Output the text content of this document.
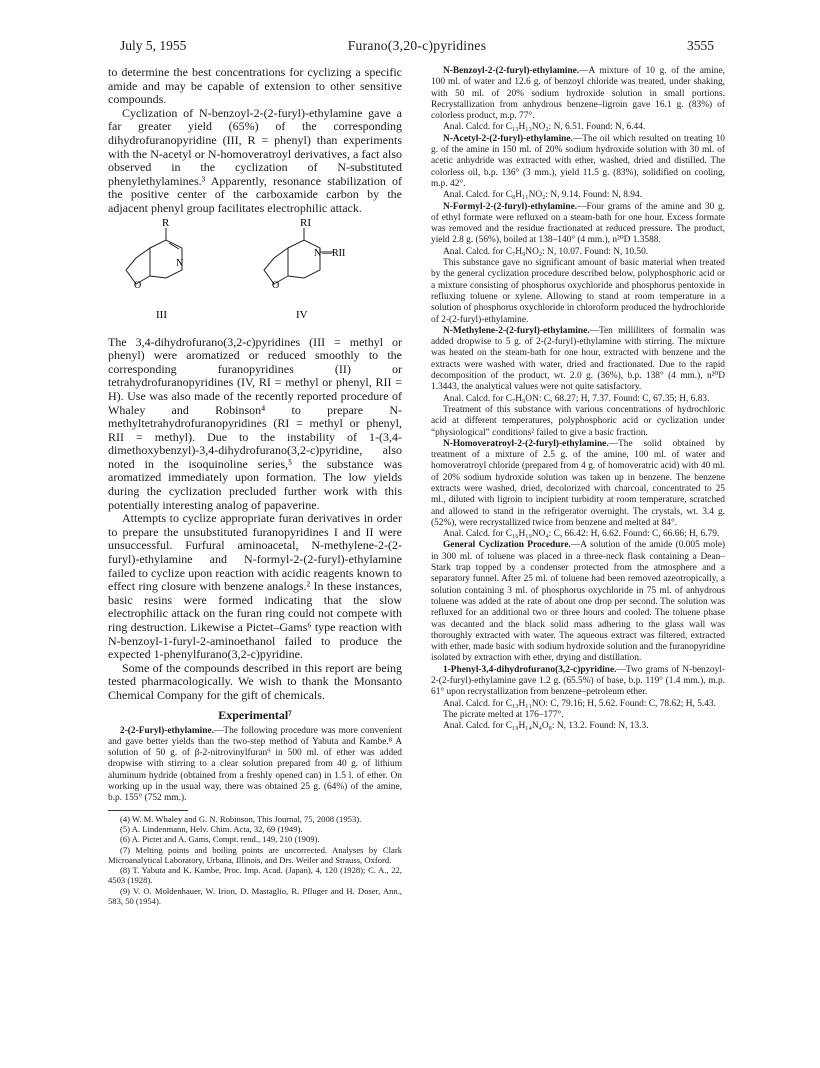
July 5, 1955	Furano(3,20-c)pyridines	3555

to determine the best concentrations for cyclizing a specific amide and may be capable of extension to other sensitive compounds.

Cyclization of N-benzoyl-2-(2-furyl)-ethylamine gave a far greater yield (65%) of the corresponding dihydrofuranopyridine (III, R = phenyl) than experiments with the N-acetyl or N-homoveratroyl derivatives, a fact also observed in the cyclization of N-substituted phenylethylamines.³ Apparently, resonance stabilization of the positive center of the carboxamide carbon by the adjacent phenyl group facilitates electrophilic attack.

R
N
O
III
RI
N —RII
O
IV

The 3,4-dihydrofurano(3,2-c)pyridines (III = methyl or phenyl) were aromatized or reduced smoothly to the corresponding furanopyridines (II) or tetrahydrofuranopyridines (IV, RI = methyl or phenyl, RII = H). Use was also made of the recently reported procedure of Whaley and Robinson⁴ to prepare N-methyltetrahydrofuranopyridines (RI = methyl or phenyl, RII = methyl). Due to the instability of 1-(3,4-dimethoxybenzyl)-3,4-dihydrofurano(3,2-c)pyridine, also noted in the isoquinoline series,⁵ the substance was aromatized immediately upon formation. The low yields during the cyclization precluded further work with this potentially interesting analog of papaverine.

Attempts to cyclize appropriate furan derivatives in order to prepare the unsubstituted furanopyridines I and II were unsuccessful. Furfural aminoacetal, N-methylene-2-(2-furyl)-ethylamine and N-formyl-2-(2-furyl)-ethylamine failed to cyclize upon reaction with acidic reagents known to effect ring closure with benzene analogs.² In these instances, basic resins were formed indicating that the slow electrophilic attack on the furan ring could not compete with ring destruction. Likewise a Pictet–Gams⁶ type reaction with N-benzoyl-1-furyl-2-aminoethanol failed to produce the expected 1-phenylfurano(3,2-c)pyridine.

Some of the compounds described in this report are being tested pharmacologically. We wish to thank the Monsanto Chemical Company for the gift of chemicals.

Experimental⁷

2-(2-Furyl)-ethylamine.—The following procedure was more convenient and gave better yields than the two-step method of Yabuta and Kambe.⁸ A solution of 50 g. of β-2-nitrovinylfuran⁹ in 500 ml. of ether was added dropwise with stirring to a clear solution prepared from 40 g. of lithium aluminum hydride (obtained from a freshly opened can) in 1.5 l. of ether. On working up in the usual way, there was obtained 25 g. (64%) of the amine, b.p. 155° (752 mm.).

(4) W. M. Whaley and G. N. Robinson, This Journal, 75, 2008 (1953).

(5) A. Lindenmann, Helv. Chim. Acta, 32, 69 (1949).

(6) A. Pictet and A. Gams, Compt. rend., 149, 210 (1909).

(7) Melting points and boiling points are uncorrected. Analyses by Clark Microanalytical Laboratory, Urbana, Illinois, and Drs. Weiler and Strauss, Oxford.

(8) T. Yabuta and K. Kambe, Proc. Imp. Acad. (Japan), 4, 120 (1928); C. A., 22, 4503 (1928).

(9) V. O. Moldenhauer, W. Irion, D. Mastaglio, R. Pfluger and H. Doser, Ann., 583, 50 (1954).

N-Benzoyl-2-(2-furyl)-ethylamine.—A mixture of 10 g. of the amine, 100 ml. of water and 12.6 g. of benzoyl chloride was treated, under shaking, with 50 ml. of 20% sodium hydroxide solution in small portions. Recrystallization from anhydrous benzene–ligroin gave 16.1 g. (83%) of colorless product, m.p. 77°.

Anal. Calcd. for C₁₃H₁₃NO₂: N, 6.51. Found: N, 6.44.

N-Acetyl-2-(2-furyl)-ethylamine.—The oil which resulted on treating 10 g. of the amine in 150 ml. of 20% sodium hydroxide solution with 30 ml. of acetic anhydride was extracted with ether, washed, dried and distilled. The colorless oil, b.p. 136° (3 mm.), yield 11.5 g. (83%), solidified on cooling, m.p. 42°.

Anal. Calcd. for C₈H₁₁NO₂: N, 9.14. Found: N, 8.94.

N-Formyl-2-(2-furyl)-ethylamine.—Four grams of the amine and 30 g. of ethyl formate were refluxed on a steam-bath for one hour. Excess formate was removed and the residue fractionated at reduced pressure. The product, yield 2.8 g. (56%), boiled at 138–140° (4 mm.), n²⁰D 1.3588.

Anal. Calcd. for C₇H₉NO₂: N, 10.07. Found: N, 10.50.

This substance gave no significant amount of basic material when treated by the general cyclization procedure described below, polyphosphoric acid or a mixture consisting of phosphorus oxychloride and phosphorus pentoxide in refluxing toluene or xylene. Allowing to stand at room temperature in a solution of phosphorus oxychloride in chloroform produced the hydrochloride of 2-(2-furyl)-ethylamine.

N-Methylene-2-(2-furyl)-ethylamine.—Ten milliliters of formalin was added dropwise to 5 g. of 2-(2-furyl)-ethylamine with stirring. The mixture was heated on the steam-bath for one hour, extracted with benzene and the extracts were washed with water, dried and fractionated. Due to the rapid decomposition of the product, wt. 2.0 g. (36%), b.p. 138° (4 mm.), n²⁰D 1.3443, the analytical values were not quite satisfactory.

Anal. Calcd. for C₇H₉ON: C, 68.27; H, 7.37. Found: C, 67.35; H, 6.83.

Treatment of this substance with various concentrations of hydrochloric acid at different temperatures, polyphosphoric acid or cyclization under “physiological” conditions² failed to give a basic fraction.

N-Homoveratroyl-2-(2-furyl)-ethylamine.—The solid obtained by treatment of a mixture of 2.5 g. of the amine, 100 ml. of water and homoveratroyl chloride (prepared from 4 g. of homoveratric acid) with 40 ml. of 20% sodium hydroxide solution was taken up in benzene. The benzene extracts were washed, dried, decolorized with charcoal, concentrated to 25 ml., diluted with ligroin to incipient turbidity at room temperature, scratched and allowed to stand in the refrigerator overnight. The crystals, wt. 3.4 g. (52%), were recrystallized twice from benzene and melted at 84°.

Anal. Calcd. for C₁₆H₁₉NO₄: C, 66.42: H, 6.62. Found: C, 66.66; H, 6.79.

General Cyclization Procedure.—A solution of the amide (0.005 mole) in 300 ml. of toluene was placed in a three-neck flask containing a Dean–Stark trap topped by a condenser protected from the atmosphere and a separatory funnel. After 25 ml. of toluene had been removed azeotropically, a solution containing 3 ml. of phosphorus oxychloride in 75 ml. of anhydrous toluene was added at the rate of about one drop per second. The solution was refluxed for an additional two or three hours and cooled. The toluene phase was decanted and the black solid mass adhering to the glass wall was thoroughly extracted with water. The aqueous extract was filtered, extracted with ether, made basic with sodium hydroxide solution and the furanopyridine isolated by extraction with ether, drying and distillation.

1-Phenyl-3,4-dihydrofurano(3,2-c)pyridine.—Two grams of N-benzoyl-2-(2-furyl)-ethylamine gave 1.2 g. (65.5%) of base, b.p. 119° (1.4 mm.), m.p. 61° upon recrystallization from benzene–petroleum ether.

Anal. Calcd. for C₁₃H₁₁NO: C, 79.16; H, 5.62. Found: C, 78.62; H, 5.43.

The picrate melted at 176–177°.

Anal. Calcd. for C₁₉H₁₄N₄O₈: N, 13.2. Found: N, 13.3.
